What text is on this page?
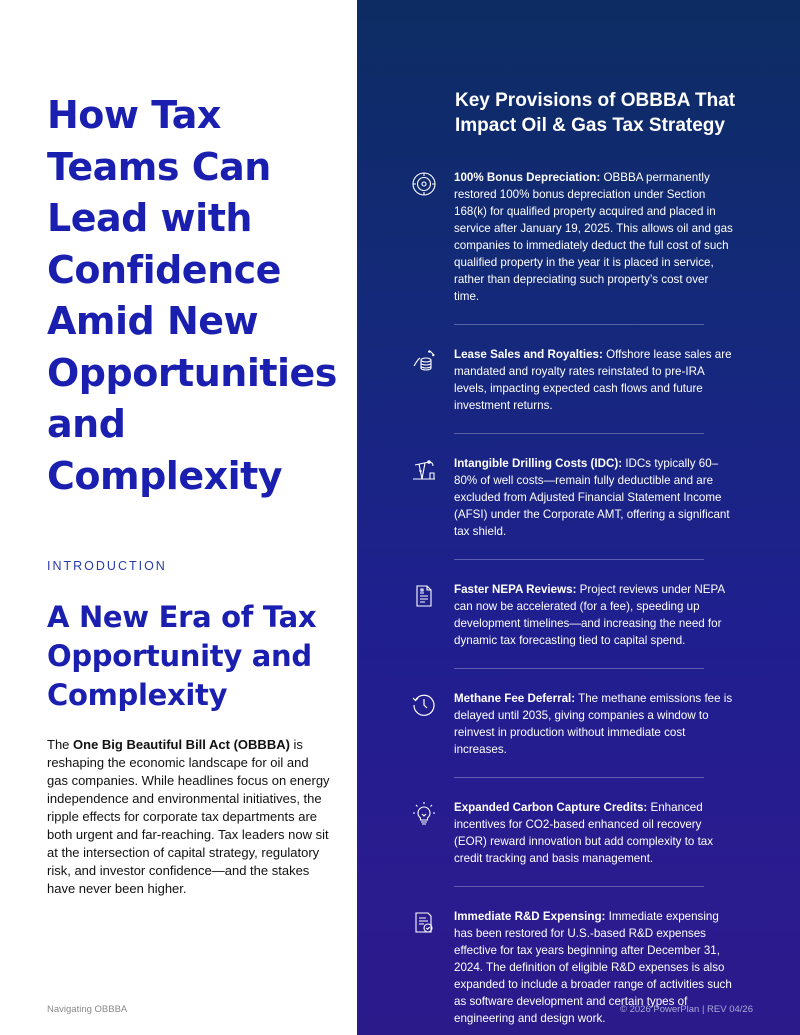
How Tax Teams Can Lead with Confidence Amid New Opportunities and Complexity
INTRODUCTION
A New Era of Tax Opportunity and Complexity

The One Big Beautiful Bill Act (OBBBA) is reshaping the economic landscape for oil and gas companies. While headlines focus on energy independence and environmental initiatives, the ripple effects for corporate tax departments are both urgent and far-reaching. Tax leaders now sit at the intersection of capital strategy, regulatory risk, and investor confidence—and the stakes have never been higher.

Navigating OBBBA
Key Provisions of OBBBA That Impact Oil & Gas Tax Strategy

100% Bonus Depreciation: OBBBA permanently restored 100% bonus depreciation under Section 168(k) for qualified property acquired and placed in service after January 19, 2025. This allows oil and gas companies to immediately deduct the full cost of such qualified property in the year it is placed in service, rather than depreciating such property’s cost over time.

Lease Sales and Royalties: Offshore lease sales are mandated and royalty rates reinstated to pre-IRA levels, impacting expected cash flows and future investment returns.

Intangible Drilling Costs (IDC): IDCs typically 60–80% of well costs—remain fully deductible and are excluded from Adjusted Financial Statement Income (AFSI) under the Corporate AMT, offering a significant tax shield.

Faster NEPA Reviews: Project reviews under NEPA can now be accelerated (for a fee), speeding up development timelines—and increasing the need for dynamic tax forecasting tied to capital spend.

Methane Fee Deferral: The methane emissions fee is delayed until 2035, giving companies a window to reinvest in production without immediate cost increases.

Expanded Carbon Capture Credits: Enhanced incentives for CO2-based enhanced oil recovery (EOR) reward innovation but add complexity to tax credit tracking and basis management.

Immediate R&D Expensing: Immediate expensing has been restored for U.S.-based R&D expenses effective for tax years beginning after December 31, 2024. The definition of eligible R&D expenses is also expanded to include a broader range of activities such as software development and certain types of engineering and design work.

© 2026 PowerPlan | REV 04/26
